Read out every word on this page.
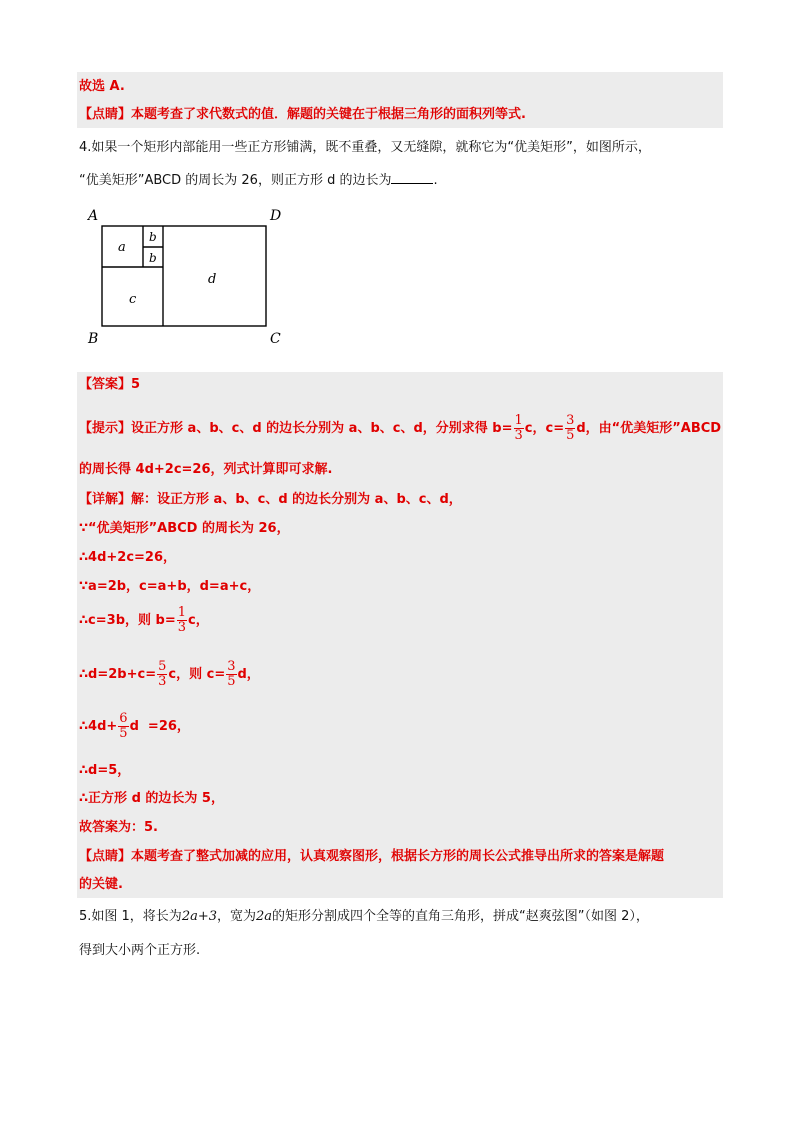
故选 A.
【点睛】本题考查了求代数式的值．解题的关键在于根据三角形的面积列等式.
4.如果一个矩形内部能用一些正方形铺满，既不重叠，又无缝隙，就称它为“优美矩形”，如图所示，
“优美矩形”ABCD 的周长为 26，则正方形 d 的边长为	.
A	D
B	C
a
b
b
c
d
【答案】5
【提示】设正方形 a、b、c、d 的边长分别为 a、b、c、d，分别求得 $b= \frac{1}{3}$ c，$c= \frac{3}{5}$ d，由“优美矩形”ABCD
的周长得 4d+2c=26，列式计算即可求解.
【详解】解：设正方形 a、b、c、d 的边长分别为 a、b、c、d，
∵“优美矩形”ABCD 的周长为 26，
∴4d+2c=26，
∵a=2b，c=a+b，d=a+c，
∴c=3b，则 $b= \frac{1}{3}$ c，
∴d=2b+c= $\frac{5}{3}$ c，则 $c= \frac{3}{5}$ d，
∴4d+ $\frac{6}{5}$ d  =26，
∴d=5，
∴正方形 d 的边长为 5，
故答案为：5.
【点睛】本题考查了整式加减的应用，认真观察图形，根据长方形的周长公式推导出所求的答案是解题
的关键.
5.如图 1，将长为2a+3，宽为2a的矩形分割成四个全等的直角三角形，拼成“赵爽弦图”（如图 2），
得到大小两个正方形.
